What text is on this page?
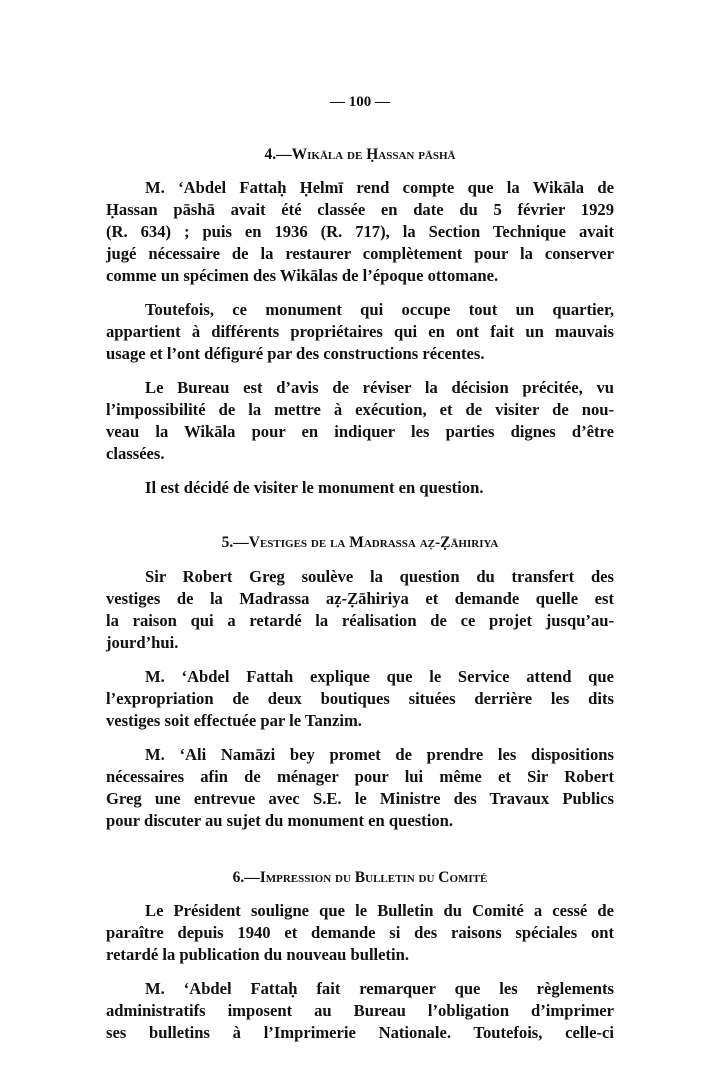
— 100 —
4.—Wikāla de Ḥassan pāshā
M. ‘Abdel Fattaḥ Ḥelmī rend compte que la Wikāla de
Ḥassan pāshā avait été classée en date du 5 février 1929
(R. 634) ; puis en 1936 (R. 717), la Section Technique avait
jugé nécessaire de la restaurer complètement pour la conserver
comme un spécimen des Wikālas de l’époque ottomane.
Toutefois, ce monument qui occupe tout un quartier,
appartient à différents propriétaires qui en ont fait un mauvais
usage et l’ont défiguré par des constructions récentes.
Le Bureau est d’avis de réviser la décision précitée, vu
l’impossibilité de la mettre à exécution, et de visiter de nou-
veau la Wikāla pour en indiquer les parties dignes d’être
classées.
Il est décidé de visiter le monument en question.
5.—Vestiges de la Madrassa aẓ-Ẓāhiriya
Sir Robert Greg soulève la question du transfert des
vestiges de la Madrassa aẓ-Ẓāhiriya et demande quelle est
la raison qui a retardé la réalisation de ce projet jusqu’au-
jourd’hui.
M. ‘Abdel Fattah explique que le Service attend que
l’expropriation de deux boutiques situées derrière les dits
vestiges soit effectuée par le Tanzim.
M. ‘Ali Namāzi bey promet de prendre les dispositions
nécessaires afin de ménager pour lui même et Sir Robert
Greg une entrevue avec S.E. le Ministre des Travaux Publics
pour discuter au sujet du monument en question.
6.—Impression du Bulletin du Comité
Le Président souligne que le Bulletin du Comité a cessé de
paraître depuis 1940 et demande si des raisons spéciales ont
retardé la publication du nouveau bulletin.
M. ‘Abdel Fattaḥ fait remarquer que les règlements
administratifs imposent au Bureau l’obligation d’imprimer
ses bulletins à l’Imprimerie Nationale. Toutefois, celle-ci
